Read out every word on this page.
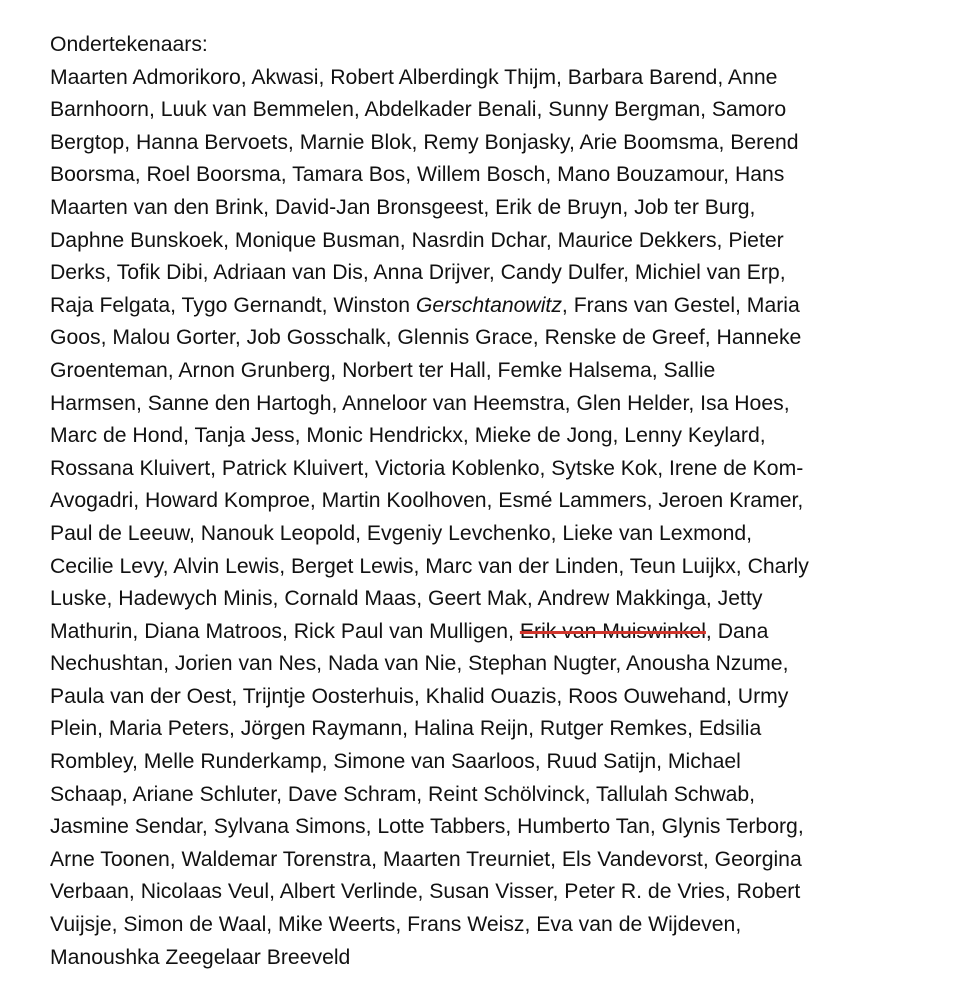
Ondertekenaars:
Maarten Admorikoro, Akwasi, Robert Alberdingk Thijm, Barbara Barend, Anne
Barnhoorn, Luuk van Bemmelen, Abdelkader Benali, Sunny Bergman, Samoro
Bergtop, Hanna Bervoets, Marnie Blok, Remy Bonjasky, Arie Boomsma, Berend
Boorsma, Roel Boorsma, Tamara Bos, Willem Bosch, Mano Bouzamour, Hans
Maarten van den Brink, David-Jan Bronsgeest, Erik de Bruyn, Job ter Burg,
Daphne Bunskoek, Monique Busman, Nasrdin Dchar, Maurice Dekkers, Pieter
Derks, Tofik Dibi, Adriaan van Dis, Anna Drijver, Candy Dulfer, Michiel van Erp,
Raja Felgata, Tygo Gernandt, Winston Gerschtanowitz, Frans van Gestel, Maria
Goos, Malou Gorter, Job Gosschalk, Glennis Grace, Renske de Greef, Hanneke
Groenteman, Arnon Grunberg, Norbert ter Hall, Femke Halsema, Sallie
Harmsen, Sanne den Hartogh, Anneloor van Heemstra, Glen Helder, Isa Hoes,
Marc de Hond, Tanja Jess, Monic Hendrickx, Mieke de Jong, Lenny Keylard,
Rossana Kluivert, Patrick Kluivert, Victoria Koblenko, Sytske Kok, Irene de Kom-
Avogadri, Howard Komproe, Martin Koolhoven, Esmé Lammers, Jeroen Kramer,
Paul de Leeuw, Nanouk Leopold, Evgeniy Levchenko, Lieke van Lexmond,
Cecilie Levy, Alvin Lewis, Berget Lewis, Marc van der Linden, Teun Luijkx, Charly
Luske, Hadewych Minis, Cornald Maas, Geert Mak, Andrew Makkinga, Jetty
Mathurin, Diana Matroos, Rick Paul van Mulligen, Erik van Muiswinkel, Dana
Nechushtan, Jorien van Nes, Nada van Nie, Stephan Nugter, Anousha Nzume,
Paula van der Oest, Trijntje Oosterhuis, Khalid Ouazis, Roos Ouwehand, Urmy
Plein, Maria Peters, Jörgen Raymann, Halina Reijn, Rutger Remkes, Edsilia
Rombley, Melle Runderkamp, Simone van Saarloos, Ruud Satijn, Michael
Schaap, Ariane Schluter, Dave Schram, Reint Schölvinck, Tallulah Schwab,
Jasmine Sendar, Sylvana Simons, Lotte Tabbers, Humberto Tan, Glynis Terborg,
Arne Toonen, Waldemar Torenstra, Maarten Treurniet, Els Vandevorst, Georgina
Verbaan, Nicolaas Veul, Albert Verlinde, Susan Visser, Peter R. de Vries, Robert
Vuijsje, Simon de Waal, Mike Weerts, Frans Weisz, Eva van de Wijdeven,
Manoushka Zeegelaar Breeveld
